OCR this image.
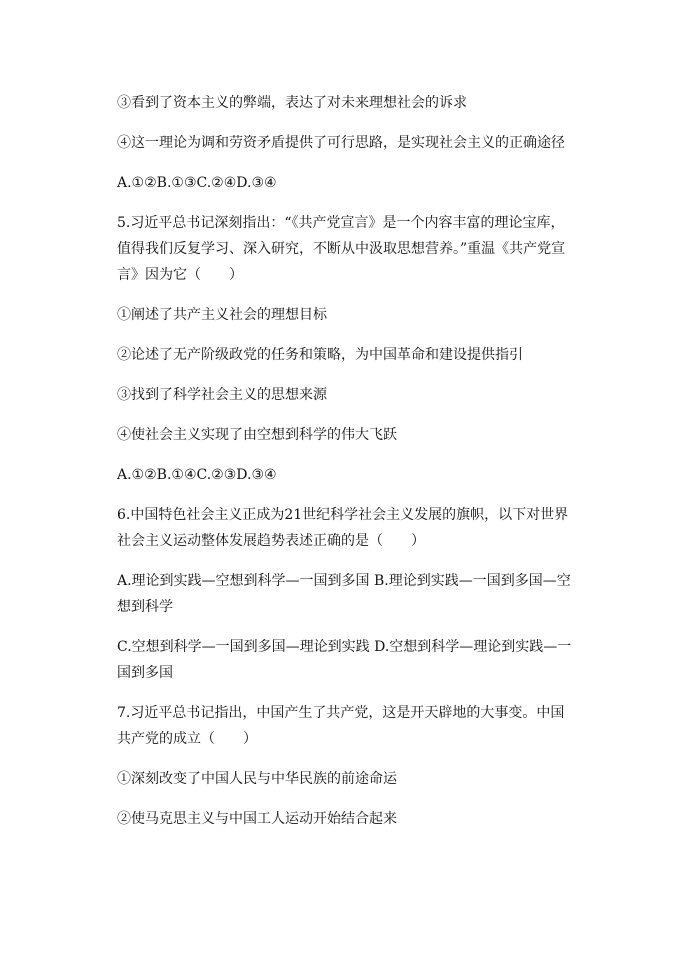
③看到了资本主义的弊端，表达了对未来理想社会的诉求

④这一理论为调和劳资矛盾提供了可行思路，是实现社会主义的正确途径

A.①②B.①③C.②④D.③④

5.习近平总书记深刻指出：“《共产党宣言》是一个内容丰富的理论宝库，值得我们反复学习、深入研究，不断从中汲取思想营养。”重温《共产党宣言》因为它（　　）

①阐述了共产主义社会的理想目标

②论述了无产阶级政党的任务和策略，为中国革命和建设提供指引

③找到了科学社会主义的思想来源

④使社会主义实现了由空想到科学的伟大飞跃

A.①②B.①④C.②③D.③④

6.中国特色社会主义正成为21世纪科学社会主义发展的旗帜，以下对世界社会主义运动整体发展趋势表述正确的是（　　）

A.理论到实践—空想到科学—一国到多国 B.理论到实践—一国到多国—空想到科学

C.空想到科学—一国到多国—理论到实践 D.空想到科学—理论到实践—一国到多国

7.习近平总书记指出，中国产生了共产党，这是开天辟地的大事变。中国共产党的成立（　　）

①深刻改变了中国人民与中华民族的前途命运

②使马克思主义与中国工人运动开始结合起来
